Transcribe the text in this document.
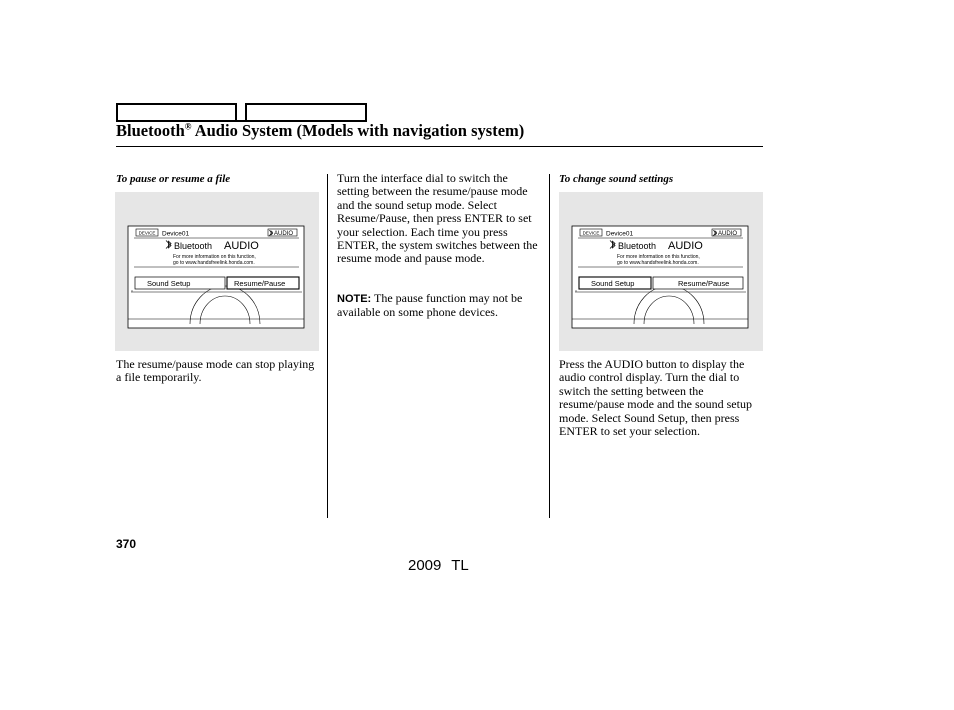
Bluetooth® Audio System (Models with navigation system)
To pause or resume a file
DEVICE Device01	AUDIO
Bluetooth AUDIO
For more information on this function,
go to www.handsfreelink.honda.com.
Sound Setup	Resume/Pause

The resume/pause mode can stop playing a file temporarily.

Turn the interface dial to switch the setting between the resume/pause mode and the sound setup mode. Select Resume/Pause, then press ENTER to set your selection. Each time you press ENTER, the system switches between the resume mode and pause mode.

NOTE: The pause function may not be available on some phone devices.

To change sound settings
DEVICE Device01	AUDIO
Bluetooth AUDIO
For more information on this function,
go to www.handsfreelink.honda.com.
Sound Setup	Resume/Pause

Press the AUDIO button to display the audio control display. Turn the dial to switch the setting between the resume/pause mode and the sound setup mode. Select Sound Setup, then press ENTER to set your selection.

370
2009 TL
